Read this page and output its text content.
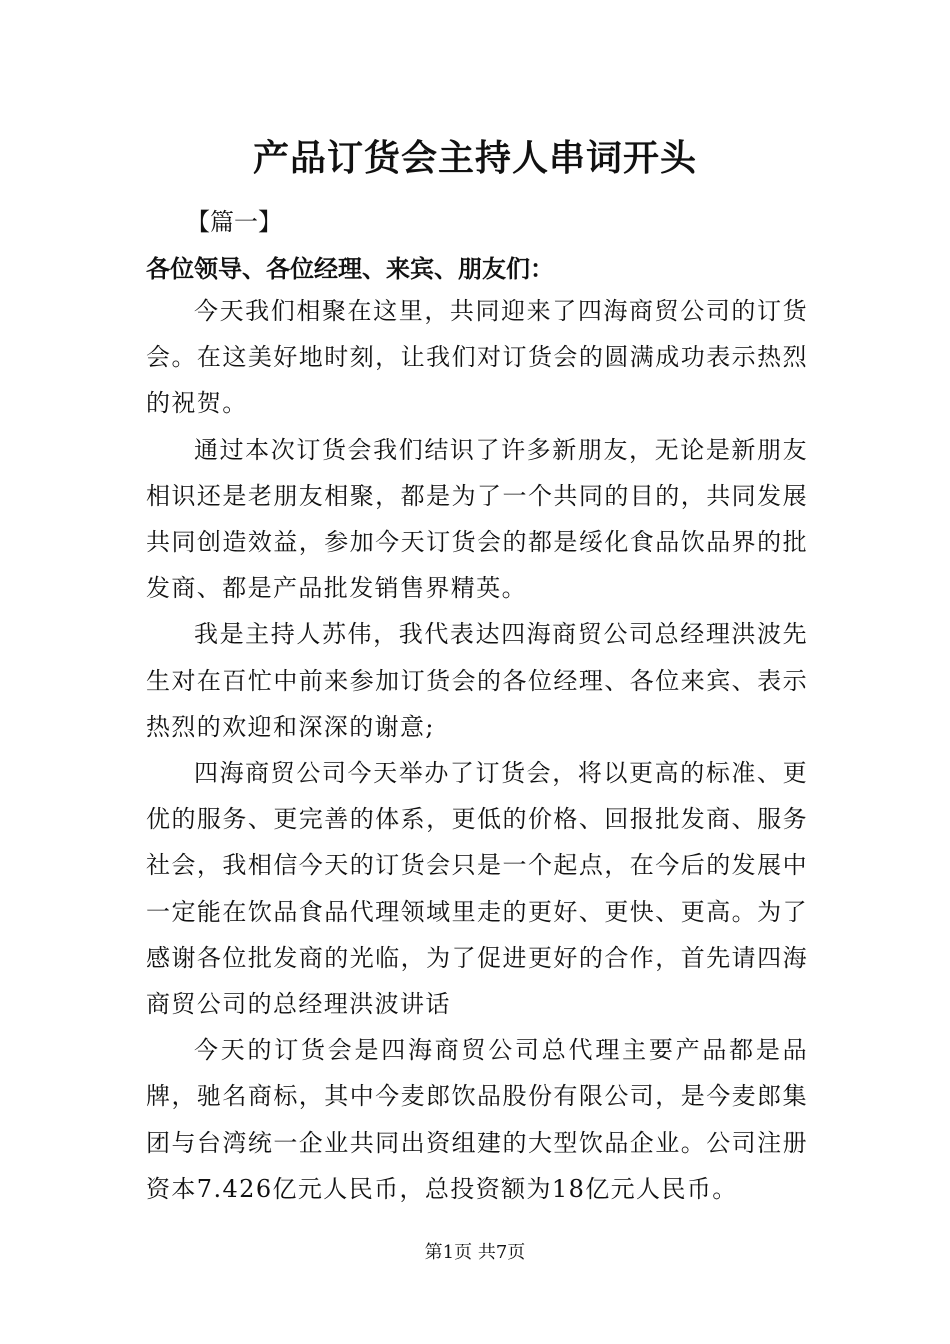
产品订货会主持人串词开头
【篇一】
各位领导、各位经理、来宾、朋友们：

今天我们相聚在这里，共同迎来了四海商贸公司的订货会。在这美好地时刻，让我们对订货会的圆满成功表示热烈的祝贺。

通过本次订货会我们结识了许多新朋友，无论是新朋友相识还是老朋友相聚，都是为了一个共同的目的，共同发展共同创造效益，参加今天订货会的都是绥化食品饮品界的批发商、都是产品批发销售界精英。

我是主持人苏伟，我代表达四海商贸公司总经理洪波先生对在百忙中前来参加订货会的各位经理、各位来宾、表示热烈的欢迎和深深的谢意;

四海商贸公司今天举办了订货会，将以更高的标准、更优的服务、更完善的体系，更低的价格、回报批发商、服务社会，我相信今天的订货会只是一个起点，在今后的发展中一定能在饮品食品代理领域里走的更好、更快、更高。为了感谢各位批发商的光临，为了促进更好的合作，首先请四海商贸公司的总经理洪波讲话

今天的订货会是四海商贸公司总代理主要产品都是品牌，驰名商标，其中今麦郎饮品股份有限公司，是今麦郎集团与台湾统一企业共同出资组建的大型饮品企业。公司注册资本7.426亿元人民币，总投资额为18亿元人民币。

第1页 共7页
